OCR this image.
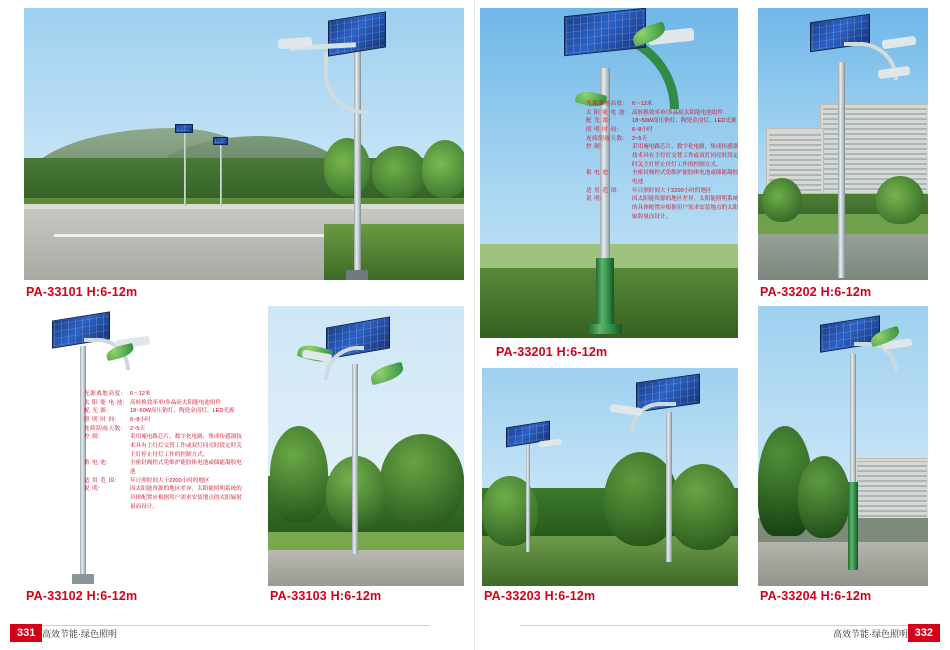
PA-33101 H:6-12m
PA-33201 H:6-12m
光源离地高度:	6～12米
太 阳 能 电 池: 高转换效率单/多晶硅太阳能电池组件
配 光 源:	18~50W高压钠灯、陶瓷金卤灯、LED光源
照 明 时 间:	6~8小时
连续阴雨天数:	2~5天
控 制:	采用庵电路芯片、数字化电路，集成传感器技术具有主灯灯交替工作或双灯同亮时段定时关主灯停止付灯工作的控制方式。
蓄 电 池:	全密封阀控式免维护能胶体电池或储能凝胶电池
适 用 范 围:	年日照时间大于2200小时的地区
说 明:	因太阳能资源的地区差异，太阳能照明系统的具体配置应根据用户需求安装地点的太阳辐射量而设计。
PA-33202 H:6-12m
PA-33102 H:6-12m
光源离地高度:	6～12米
太 阳 能 电 池: 高转换效率单/多晶硅太阳能电池组件
配 光 源:	18~50W高压钠灯、陶瓷金卤灯、LED光源
照 明 时 间:	6~8小时
连续阴雨天数:	2~5天
控 制:	采用庵电路芯片、数字化电路，集成传感器技术具有主灯灯交替工作或双灯同亮时段定时关主灯停止付灯工作的控制方式。
蓄 电 池:	全密封阀控式免维护能胶体电池或储能凝胶电池
适 用 范 围:	年日照时间大于2200小时的地区
说 明:	因太阳能资源的地区差异，太阳能照明系统的具体配置应根据用户需求安装地点的太阳辐射量而设计。
PA-33103 H:6-12m	PA-33203 H:6-12m	PA-33204 H:6-12m
331 高效节能·绿色照明	332
高效节能·绿色照明
